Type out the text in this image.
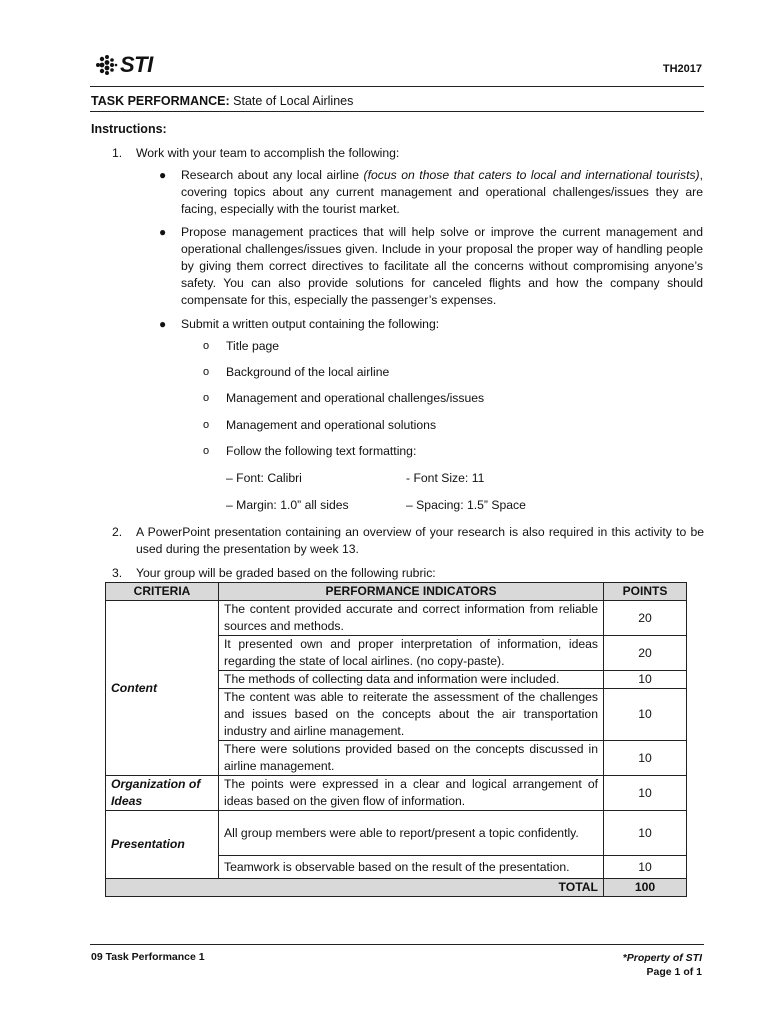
STI	TH2017
TASK PERFORMANCE: State of Local Airlines
Instructions:
1. Work with your team to accomplish the following:
● Research about any local airline (focus on those that caters to local and international tourists), covering topics about any current management and operational challenges/issues they are facing, especially with the tourist market.
● Propose management practices that will help solve or improve the current management and operational challenges/issues given. Include in your proposal the proper way of handling people by giving them correct directives to facilitate all the concerns without compromising anyone’s safety. You can also provide solutions for canceled flights and how the company should compensate for this, especially the passenger’s expenses.
● Submit a written output containing the following:
o Title page
o Background of the local airline
o Management and operational challenges/issues
o Management and operational solutions
o Follow the following text formatting:
– Font: Calibri	- Font Size: 11
– Margin: 1.0” all sides	– Spacing: 1.5” Space
2. A PowerPoint presentation containing an overview of your research is also required in this activity to be used during the presentation by week 13.
3. Your group will be graded based on the following rubric:
CRITERIA	PERFORMANCE INDICATORS	POINTS
Content	The content provided accurate and correct information from reliable sources and methods.	20
	It presented own and proper interpretation of information, ideas regarding the state of local airlines. (no copy-paste).	20
	The methods of collecting data and information were included.	10
	The content was able to reiterate the assessment of the challenges and issues based on the concepts about the air transportation industry and airline management.	10
	There were solutions provided based on the concepts discussed in airline management.	10
Organization of Ideas	The points were expressed in a clear and logical arrangement of ideas based on the given flow of information.	10
Presentation	All group members were able to report/present a topic confidently.	10
	Teamwork is observable based on the result of the presentation.	10
TOTAL		100
09 Task Performance 1	*Property of STI
Page 1 of 1
